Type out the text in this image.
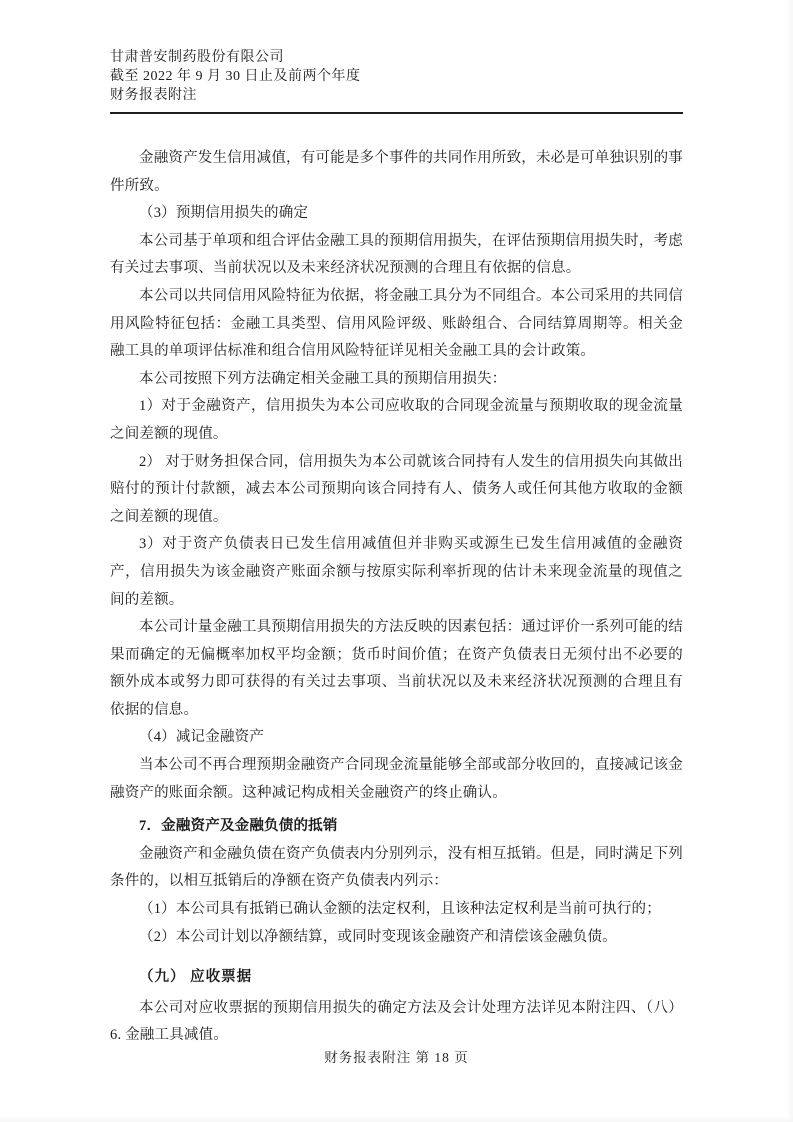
甘肃普安制药股份有限公司
截至 2022 年 9 月 30 日止及前两个年度
财务报表附注

金融资产发生信用减值，有可能是多个事件的共同作用所致，未必是可单独识别的事件所致。

（3）预期信用损失的确定

本公司基于单项和组合评估金融工具的预期信用损失，在评估预期信用损失时，考虑有关过去事项、当前状况以及未来经济状况预测的合理且有依据的信息。

本公司以共同信用风险特征为依据，将金融工具分为不同组合。本公司采用的共同信用风险特征包括：金融工具类型、信用风险评级、账龄组合、合同结算周期等。相关金融工具的单项评估标准和组合信用风险特征详见相关金融工具的会计政策。

本公司按照下列方法确定相关金融工具的预期信用损失：

1）对于金融资产，信用损失为本公司应收取的合同现金流量与预期收取的现金流量之间差额的现值。

2） 对于财务担保合同，信用损失为本公司就该合同持有人发生的信用损失向其做出赔付的预计付款额，减去本公司预期向该合同持有人、债务人或任何其他方收取的金额之间差额的现值。

3）对于资产负债表日已发生信用减值但并非购买或源生已发生信用减值的金融资产，信用损失为该金融资产账面余额与按原实际利率折现的估计未来现金流量的现值之间的差额。

本公司计量金融工具预期信用损失的方法反映的因素包括：通过评价一系列可能的结果而确定的无偏概率加权平均金额；货币时间价值；在资产负债表日无须付出不必要的额外成本或努力即可获得的有关过去事项、当前状况以及未来经济状况预测的合理且有依据的信息。

（4）减记金融资产

当本公司不再合理预期金融资产合同现金流量能够全部或部分收回的，直接减记该金融资产的账面余额。这种减记构成相关金融资产的终止确认。

7．金融资产及金融负债的抵销

金融资产和金融负债在资产负债表内分别列示，没有相互抵销。但是，同时满足下列条件的，以相互抵销后的净额在资产负债表内列示：

（1）本公司具有抵销已确认金额的法定权利，且该种法定权利是当前可执行的；

（2）本公司计划以净额结算，或同时变现该金融资产和清偿该金融负债。

（九） 应收票据

本公司对应收票据的预期信用损失的确定方法及会计处理方法详见本附注四、（八）6. 金融工具减值。

财务报表附注 第 18 页
